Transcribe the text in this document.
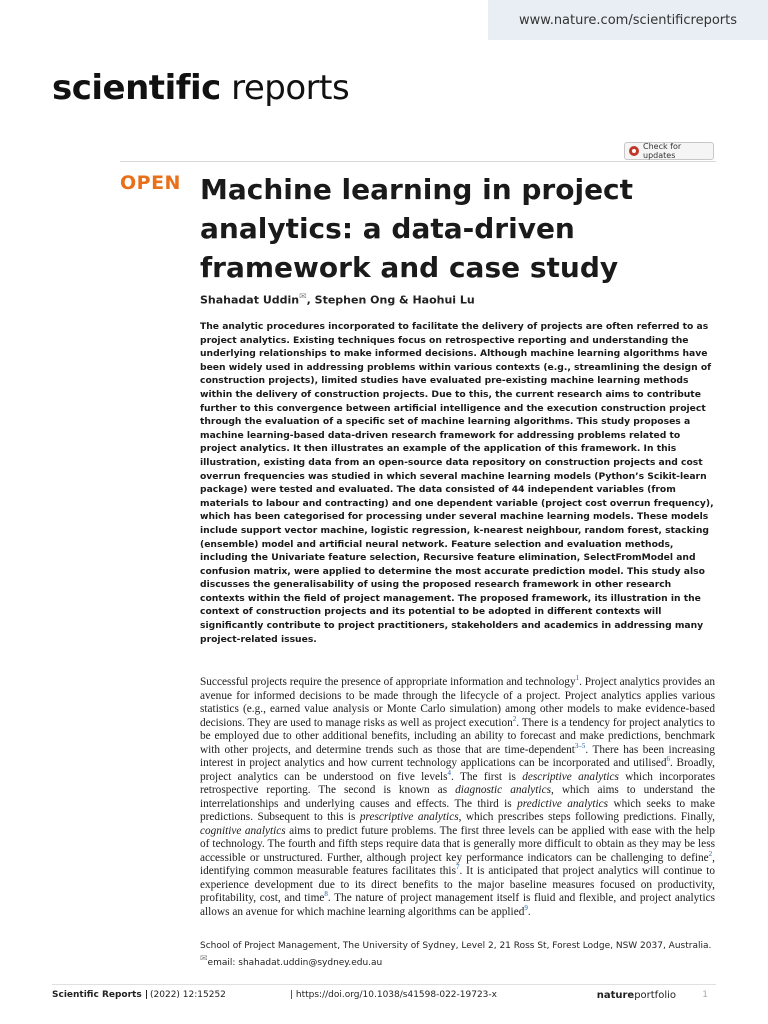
www.nature.com/scientificreports
scientific reports
Check for updates
OPEN Machine learning in project analytics: a data-driven framework and case study
Shahadat Uddin✉, Stephen Ong & Haohui Lu

The analytic procedures incorporated to facilitate the delivery of projects are often referred to as project analytics. Existing techniques focus on retrospective reporting and understanding the underlying relationships to make informed decisions. Although machine learning algorithms have been widely used in addressing problems within various contexts (e.g., streamlining the design of construction projects), limited studies have evaluated pre-existing machine learning methods within the delivery of construction projects. Due to this, the current research aims to contribute further to this convergence between artificial intelligence and the execution construction project through the evaluation of a specific set of machine learning algorithms. This study proposes a machine learning-based data-driven research framework for addressing problems related to project analytics. It then illustrates an example of the application of this framework. In this illustration, existing data from an open-source data repository on construction projects and cost overrun frequencies was studied in which several machine learning models (Python’s Scikit-learn package) were tested and evaluated. The data consisted of 44 independent variables (from materials to labour and contracting) and one dependent variable (project cost overrun frequency), which has been categorised for processing under several machine learning models. These models include support vector machine, logistic regression, k-nearest neighbour, random forest, stacking (ensemble) model and artificial neural network. Feature selection and evaluation methods, including the Univariate feature selection, Recursive feature elimination, SelectFromModel and confusion matrix, were applied to determine the most accurate prediction model. This study also discusses the generalisability of using the proposed research framework in other research contexts within the field of project management. The proposed framework, its illustration in the context of construction projects and its potential to be adopted in different contexts will significantly contribute to project practitioners, stakeholders and academics in addressing many project-related issues.

Successful projects require the presence of appropriate information and technology$^1$. Project analytics provides an avenue for informed decisions to be made through the lifecycle of a project. Project analytics applies various statistics (e.g., earned value analysis or Monte Carlo simulation) among other models to make evidence-based decisions. They are used to manage risks as well as project execution$^2$. There is a tendency for project analytics to be employed due to other additional benefits, including an ability to forecast and make predictions, benchmark with other projects, and determine trends such as those that are time-dependent$^{3-5}$. There has been increasing interest in project analytics and how current technology applications can be incorporated and utilised$^6$. Broadly, project analytics can be understood on five levels$^4$. The first is descriptive analytics which incorporates retrospective reporting. The second is known as diagnostic analytics, which aims to understand the interrelationships and underlying causes and effects. The third is predictive analytics which seeks to make predictions. Subsequent to this is prescriptive analytics, which prescribes steps following predictions. Finally, cognitive analytics aims to predict future problems. The first three levels can be applied with ease with the help of technology. The fourth and fifth steps require data that is generally more difficult to obtain as they may be less accessible or unstructured. Further, although project key performance indicators can be challenging to define$^2$, identifying common measurable features facilitates this$^7$. It is anticipated that project analytics will continue to experience development due to its direct benefits to the major baseline measures focused on productivity, profitability, cost, and time$^8$. The nature of project management itself is fluid and flexible, and project analytics allows an avenue for which machine learning algorithms can be applied$^9$.

School of Project Management, The University of Sydney, Level 2, 21 Ross St, Forest Lodge, NSW 2037, Australia.
✉email: shahadat.uddin@sydney.edu.au
Scientific Reports | (2022) 12:15252	| https://doi.org/10.1038/s41598-022-19723-x	natureportfolio	1
